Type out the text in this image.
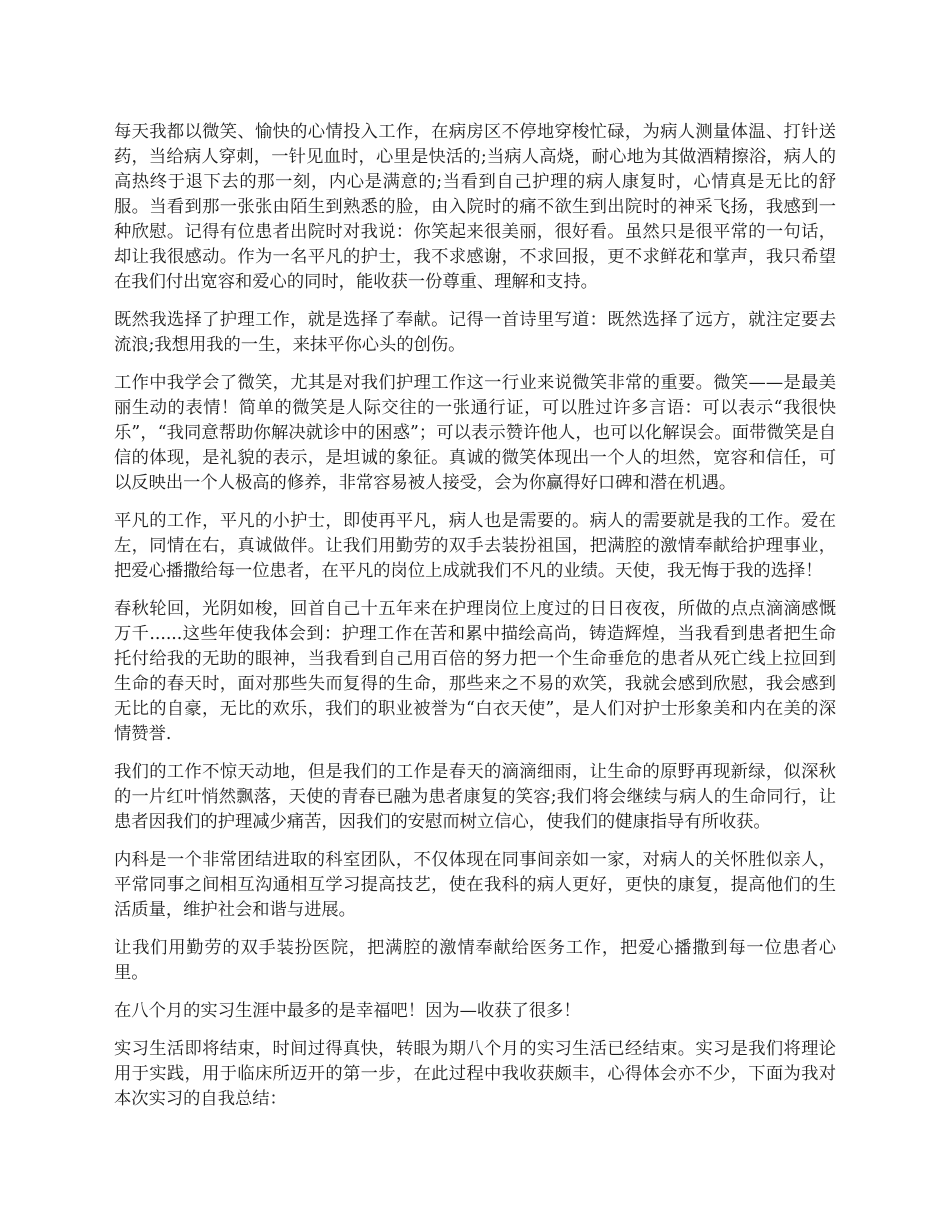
每天我都以微笑、愉快的心情投入工作，在病房区不停地穿梭忙碌，为病人测量体温、打针送药，当给病人穿刺，一针见血时，心里是快活的;当病人高烧，耐心地为其做酒精擦浴，病人的高热终于退下去的那一刻，内心是满意的;当看到自己护理的病人康复时，心情真是无比的舒服。当看到那一张张由陌生到熟悉的脸，由入院时的痛不欲生到出院时的神采飞扬，我感到一种欣慰。记得有位患者出院时对我说：你笑起来很美丽，很好看。虽然只是很平常的一句话，却让我很感动。作为一名平凡的护士，我不求感谢，不求回报，更不求鲜花和掌声，我只希望在我们付出宽容和爱心的同时，能收获一份尊重、理解和支持。

既然我选择了护理工作，就是选择了奉献。记得一首诗里写道：既然选择了远方，就注定要去流浪;我想用我的一生，来抹平你心头的创伤。

工作中我学会了微笑，尤其是对我们护理工作这一行业来说微笑非常的重要。微笑——是最美丽生动的表情！简单的微笑是人际交往的一张通行证，可以胜过许多言语：可以表示“我很快乐”，“我同意帮助你解决就诊中的困惑”；可以表示赞许他人，也可以化解误会。面带微笑是自信的体现，是礼貌的表示，是坦诚的象征。真诚的微笑体现出一个人的坦然，宽容和信任，可以反映出一个人极高的修养，非常容易被人接受，会为你赢得好口碑和潜在机遇。

平凡的工作，平凡的小护士，即使再平凡，病人也是需要的。病人的需要就是我的工作。爱在左，同情在右，真诚做伴。让我们用勤劳的双手去装扮祖国，把满腔的激情奉献给护理事业，把爱心播撒给每一位患者，在平凡的岗位上成就我们不凡的业绩。天使，我无悔于我的选择！

春秋轮回，光阴如梭，回首自己十五年来在护理岗位上度过的日日夜夜，所做的点点滴滴感慨万千......这些年使我体会到：护理工作在苦和累中描绘高尚，铸造辉煌，当我看到患者把生命托付给我的无助的眼神，当我看到自己用百倍的努力把一个生命垂危的患者从死亡线上拉回到生命的春天时，面对那些失而复得的生命，那些来之不易的欢笑，我就会感到欣慰，我会感到无比的自豪，无比的欢乐，我们的职业被誉为“白衣天使”，是人们对护士形象美和内在美的深情赞誉.

我们的工作不惊天动地，但是我们的工作是春天的滴滴细雨，让生命的原野再现新绿，似深秋的一片红叶悄然飘落，天使的青春已融为患者康复的笑容;我们将会继续与病人的生命同行，让患者因我们的护理减少痛苦，因我们的安慰而树立信心，使我们的健康指导有所收获。

内科是一个非常团结进取的科室团队，不仅体现在同事间亲如一家，对病人的关怀胜似亲人，平常同事之间相互沟通相互学习提高技艺，使在我科的病人更好，更快的康复，提高他们的生活质量，维护社会和谐与进展。

让我们用勤劳的双手装扮医院，把满腔的激情奉献给医务工作，把爱心播撒到每一位患者心里。

在八个月的实习生涯中最多的是幸福吧！因为—收获了很多！

实习生活即将结束，时间过得真快，转眼为期八个月的实习生活已经结束。实习是我们将理论用于实践，用于临床所迈开的第一步，在此过程中我收获颇丰，心得体会亦不少，下面为我对本次实习的自我总结：
